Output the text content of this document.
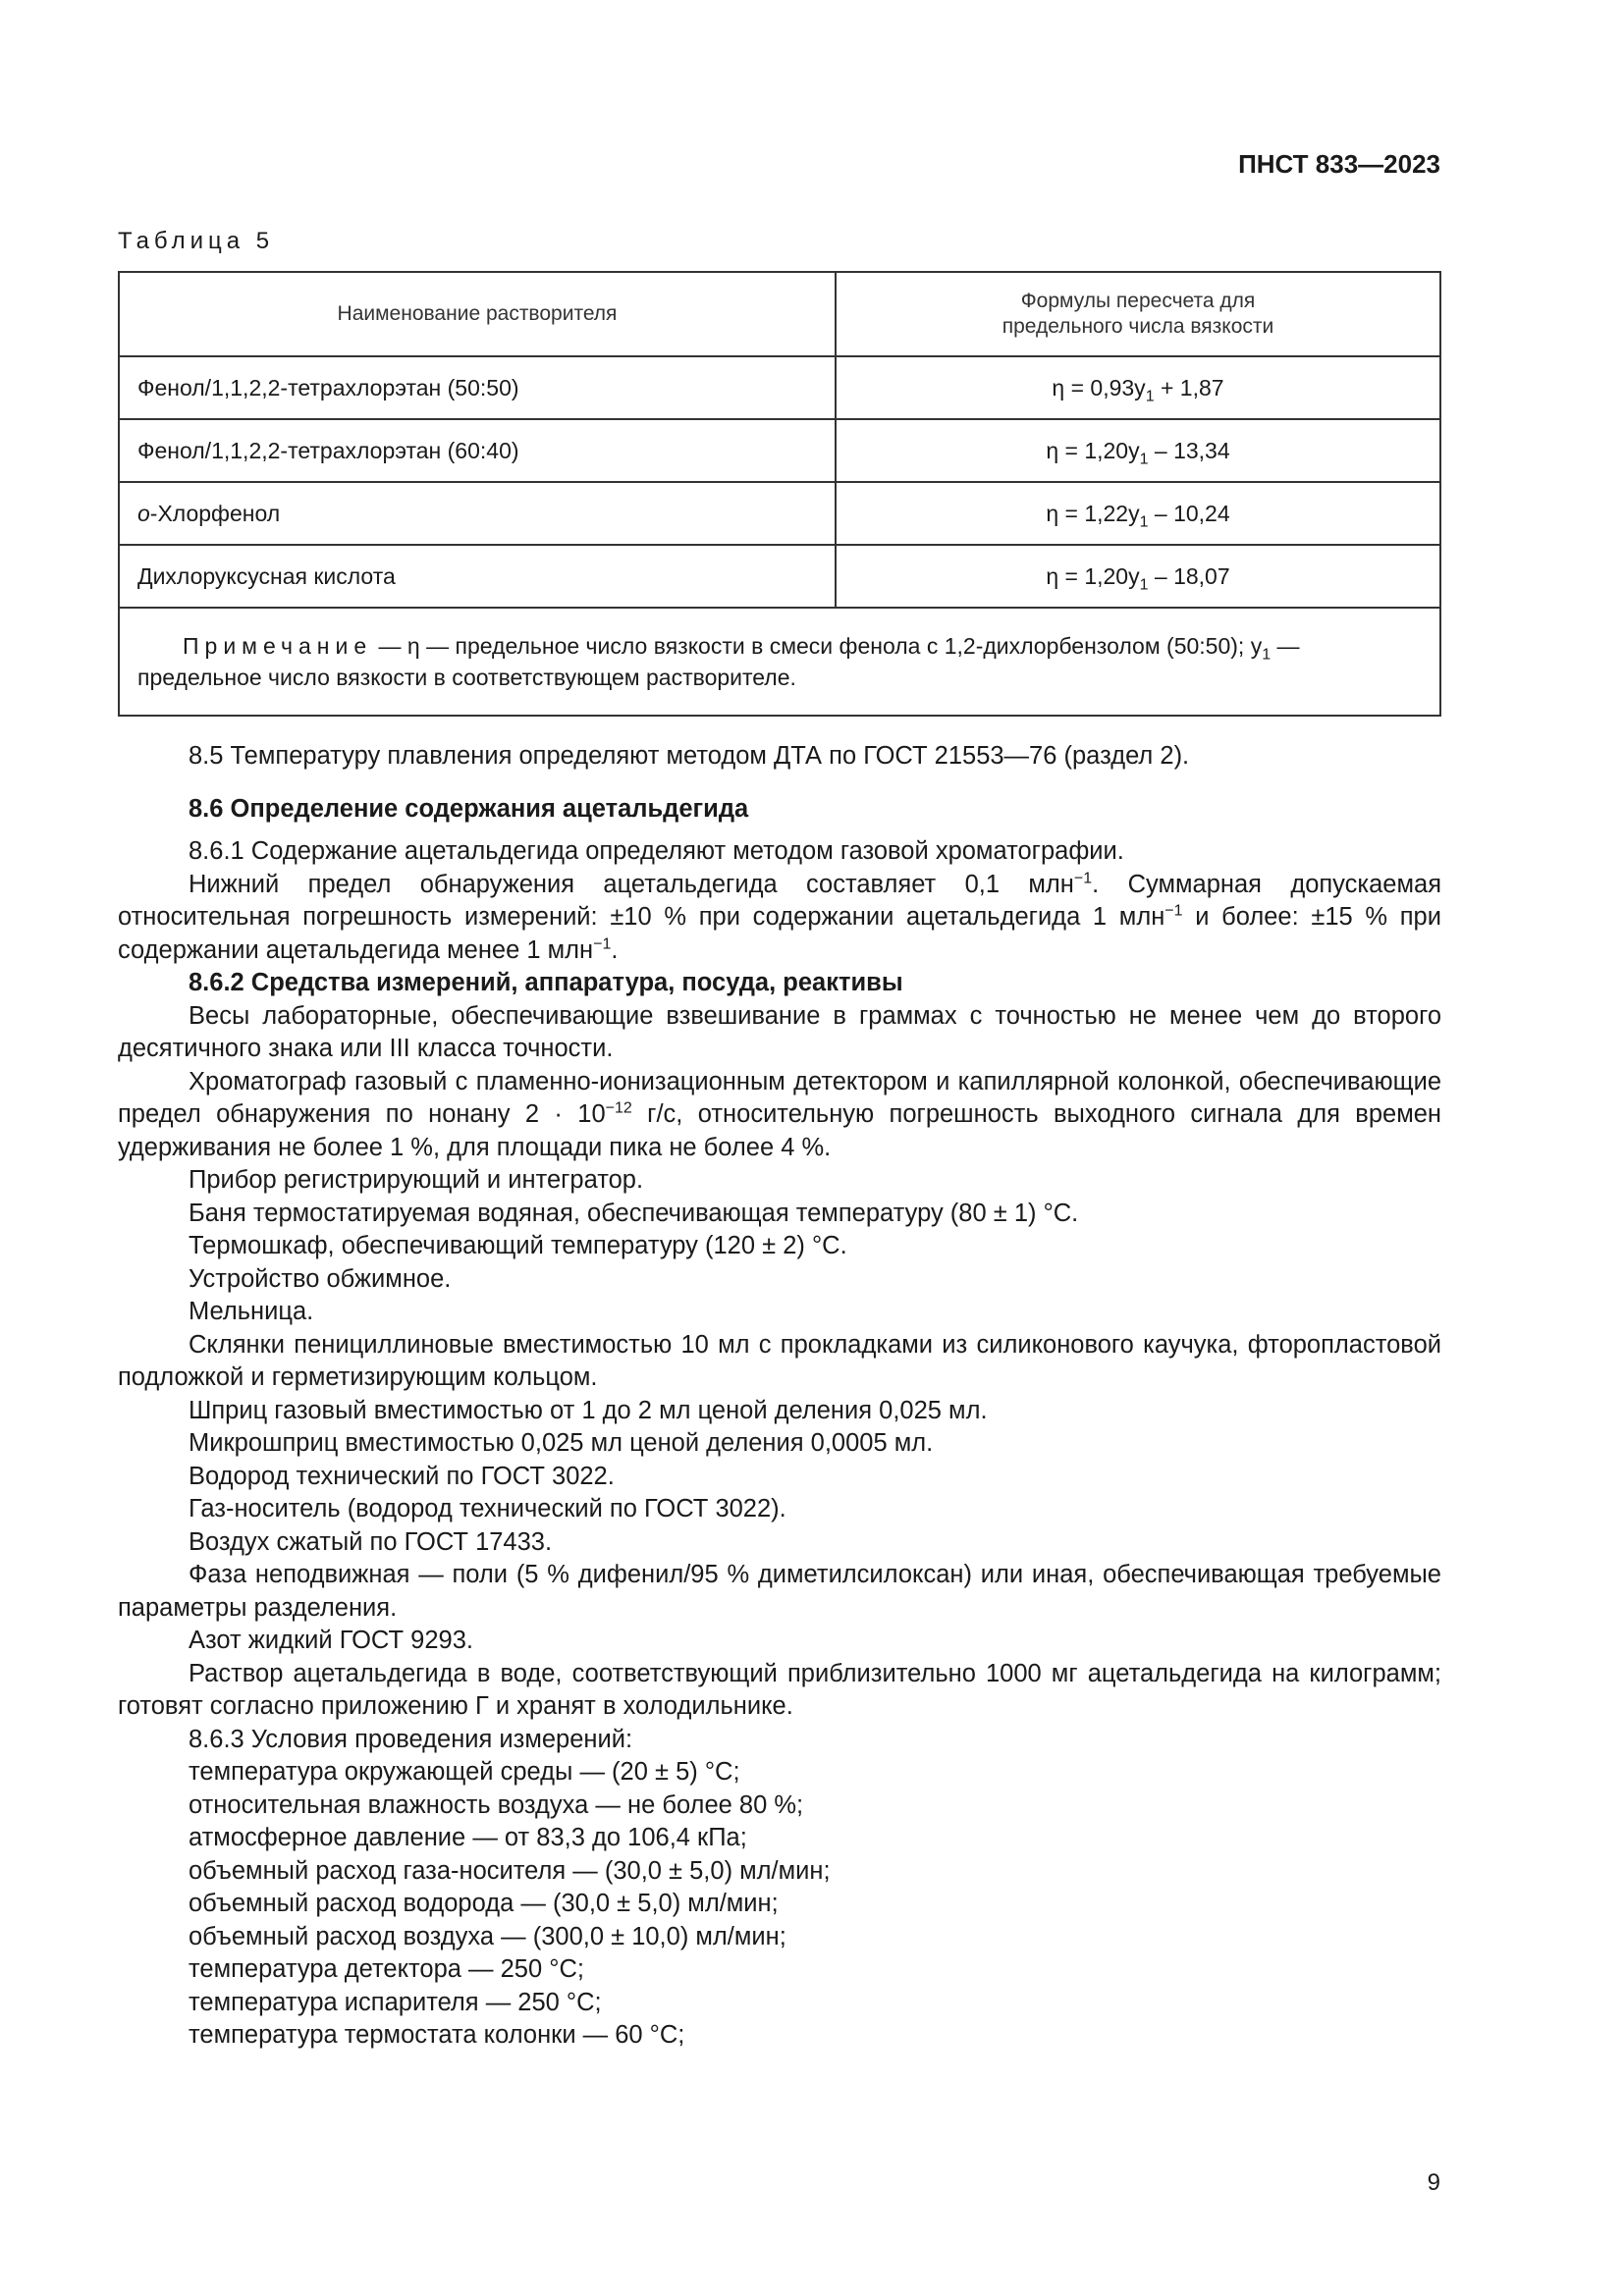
ПНСТ 833—2023
Таблица 5
Наименование растворителя	Формулы пересчета для предельного числа вязкости
Фенол/1,1,2,2-тетрахлорэтан (50:50)	$\eta = 0,93y_1 + 1,87$
Фенол/1,1,2,2-тетрахлорэтан (60:40)	$\eta = 1,20y_1 - 13,34$
о-Хлорфенол	$\eta = 1,22y_1 - 10,24$
Дихлоруксусная кислота	$\eta = 1,20y_1 - 18,07$
Примечание — η — предельное число вязкости в смеси фенола с 1,2-дихлорбензолом (50:50); $y_1$ — предельное число вязкости в соответствующем растворителе.	

8.5 Температуру плавления определяют методом ДТА по ГОСТ 21553—76 (раздел 2).

8.6 Определение содержания ацетальдегида

8.6.1 Содержание ацетальдегида определяют методом газовой хроматографии.

Нижний предел обнаружения ацетальдегида составляет 0,1 млн$^{-1}$. Суммарная допускаемая относительная погрешность измерений: ±10 % при содержании ацетальдегида 1 млн$^{-1}$ и более: ±15 % при содержании ацетальдегида менее 1 млн$^{-1}$.

8.6.2 Средства измерений, аппаратура, посуда, реактивы

Весы лабораторные, обеспечивающие взвешивание в граммах с точностью не менее чем до второго десятичного знака или III класса точности.

Хроматограф газовый с пламенно-ионизационным детектором и капиллярной колонкой, обеспечивающие предел обнаружения по нонану $2 \cdot 10^{-12}$ г/с, относительную погрешность выходного сигнала для времен удерживания не более 1 %, для площади пика не более 4 %.

Прибор регистрирующий и интегратор.

Баня термостатируемая водяная, обеспечивающая температуру (80 ± 1) °С.

Термошкаф, обеспечивающий температуру (120 ± 2) °С.

Устройство обжимное.

Мельница.

Склянки пенициллиновые вместимостью 10 мл с прокладками из силиконового каучука, фторопластовой подложкой и герметизирующим кольцом.

Шприц газовый вместимостью от 1 до 2 мл ценой деления 0,025 мл.

Микрошприц вместимостью 0,025 мл ценой деления 0,0005 мл.

Водород технический по ГОСТ 3022.

Газ-носитель (водород технический по ГОСТ 3022).

Воздух сжатый по ГОСТ 17433.

Фаза неподвижная — поли (5 % дифенил/95 % диметилсилоксан) или иная, обеспечивающая требуемые параметры разделения.

Азот жидкий ГОСТ 9293.

Раствор ацетальдегида в воде, соответствующий приблизительно 1000 мг ацетальдегида на килограмм; готовят согласно приложению Г и хранят в холодильнике.

8.6.3 Условия проведения измерений:

температура окружающей среды — (20 ± 5) °С;

относительная влажность воздуха — не более 80 %;

атмосферное давление — от 83,3 до 106,4 кПа;

объемный расход газа-носителя — (30,0 ± 5,0) мл/мин;

объемный расход водорода — (30,0 ± 5,0) мл/мин;

объемный расход воздуха — (300,0 ± 10,0) мл/мин;

температура детектора — 250 °С;

температура испарителя — 250 °С;

температура термостата колонки — 60 °С;

9
